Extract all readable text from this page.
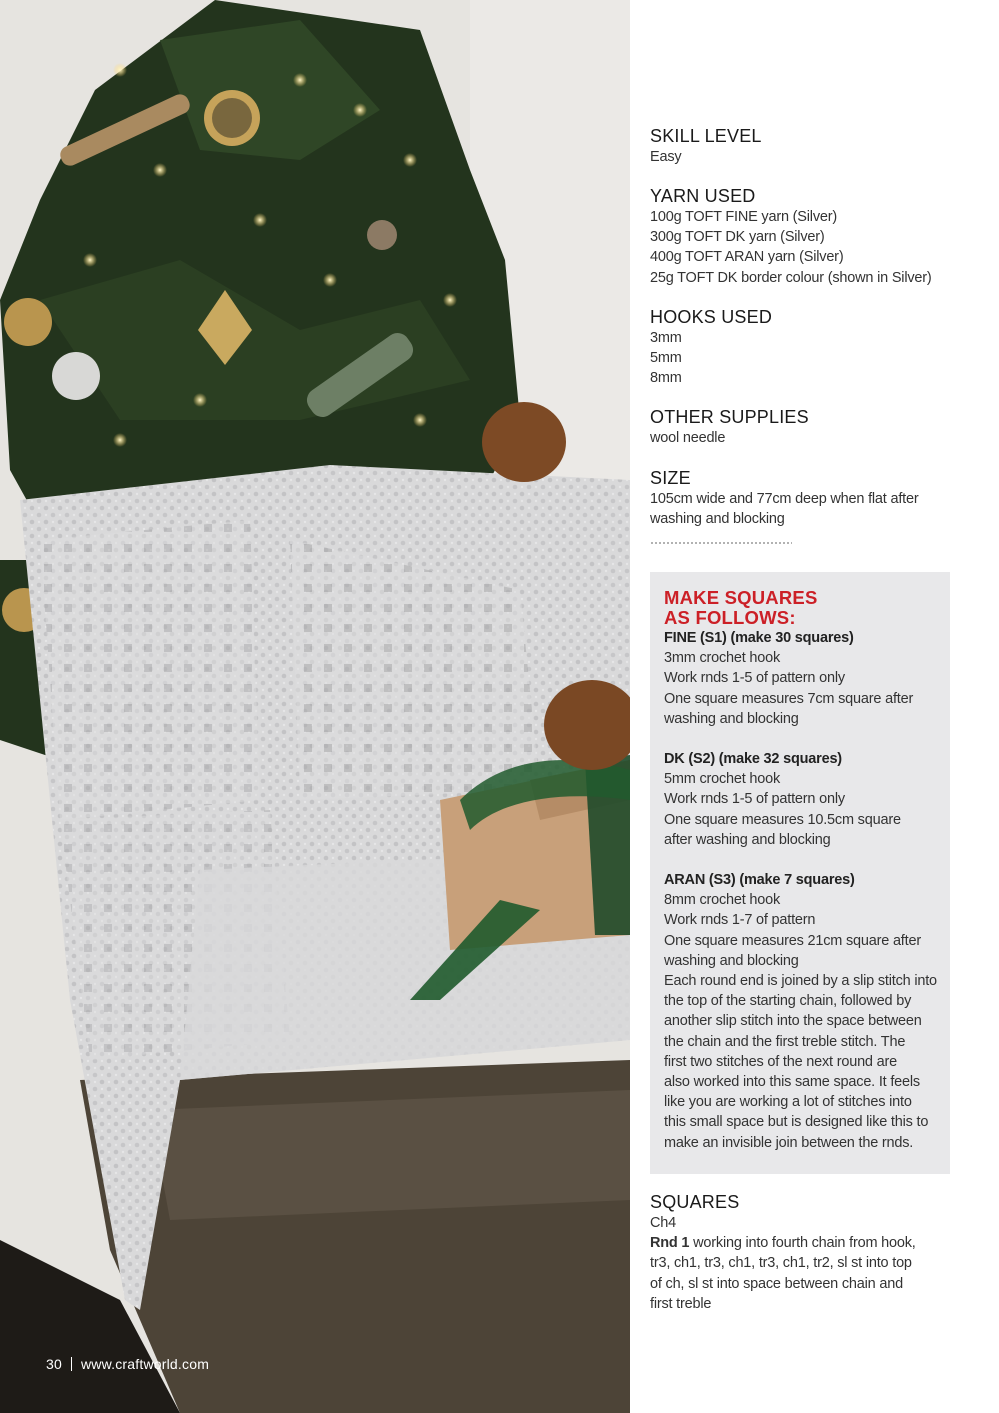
30 www.craftworld.com
SKILL LEVEL
Easy
YARN USED
100g TOFT FINE yarn (Silver)
300g TOFT DK yarn (Silver)
400g TOFT ARAN yarn (Silver)
25g TOFT DK border colour (shown in Silver)
HOOKS USED
3mm
5mm
8mm
OTHER SUPPLIES
wool needle
SIZE
105cm wide and 77cm deep when flat after
washing and blocking
SQUARES
Ch4
Rnd 1 working into fourth chain from hook,
tr3, ch1, tr3, ch1, tr3, ch1, tr2, sl st into top
of ch, sl st into space between chain and
first treble
MAKE SQUARES
AS FOLLOWS:
FINE (S1) (make 30 squares)
3mm crochet hook
Work rnds 1-5 of pattern only
One square measures 7cm square after
washing and blocking
DK (S2) (make 32 squares)
5mm crochet hook
Work rnds 1-5 of pattern only
One square measures 10.5cm square
after washing and blocking
ARAN (S3) (make 7 squares)
8mm crochet hook
Work rnds 1-7 of pattern
One square measures 21cm square after
washing and blocking
Each round end is joined by a slip stitch into
the top of the starting chain, followed by
another slip stitch into the space between
the chain and the first treble stitch. The
first two stitches of the next round are
also worked into this same space. It feels
like you are working a lot of stitches into
this small space but is designed like this to
make an invisible join between the rnds.
